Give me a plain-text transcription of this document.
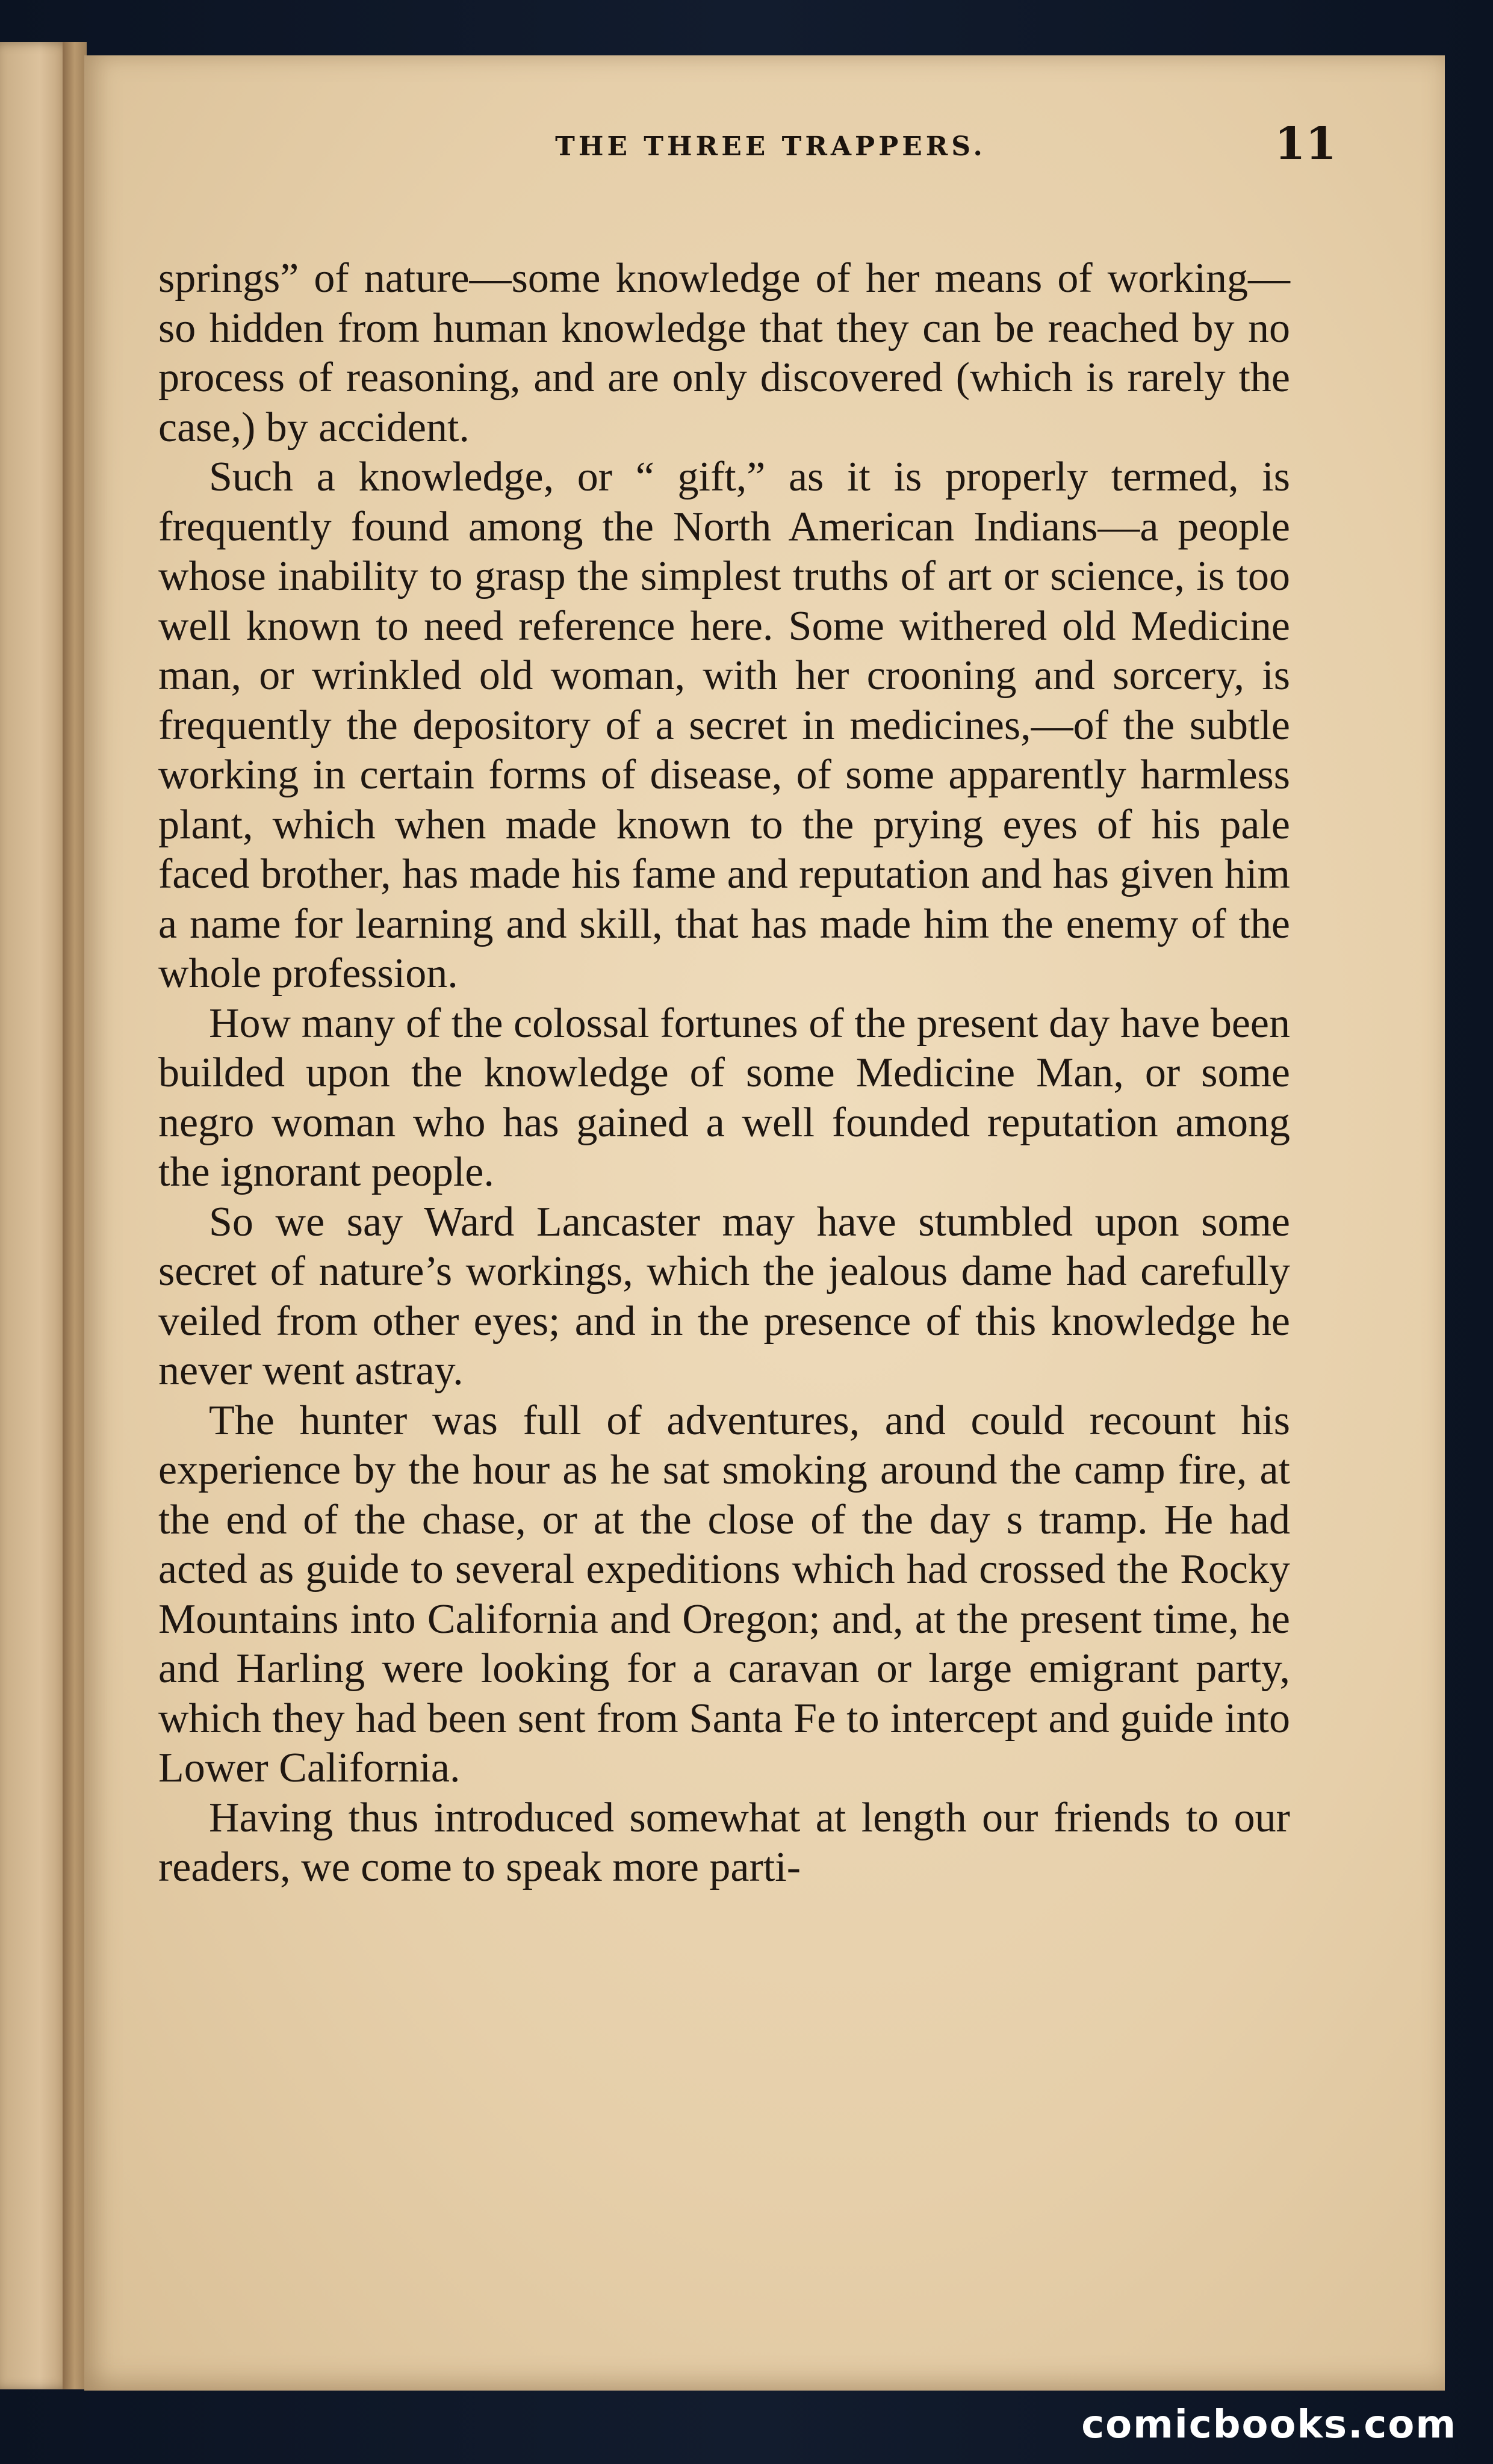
THE THREE TRAPPERS.	11

springs” of nature—some knowledge of her means of working—so hidden from human knowledge that they can be reached by no process of reasoning, and are only discovered (which is rarely the case,) by accident.

Such a knowledge, or “ gift,” as it is properly termed, is frequently found among the North American Indians—a people whose inability to grasp the simplest truths of art or science, is too well known to need reference here. Some withered old Medicine man, or wrinkled old woman, with her crooning and sorcery, is frequently the depository of a secret in medicines,—of the subtle working in certain forms of disease, of some apparently harmless plant, which when made known to the prying eyes of his pale faced brother, has made his fame and reputation and has given him a name for learning and skill, that has made him the enemy of the whole profession.

How many of the colossal fortunes of the present day have been builded upon the knowledge of some Medicine Man, or some negro woman who has gained a well founded reputation among the ignorant people.

So we say Ward Lancaster may have stumbled upon some secret of nature’s workings, which the jealous dame had carefully veiled from other eyes; and in the presence of this knowledge he never went astray.

The hunter was full of adventures, and could recount his experience by the hour as he sat smoking around the camp fire, at the end of the chase, or at the close of the day s tramp. He had acted as guide to several expeditions which had crossed the Rocky Mountains into California and Oregon; and, at the present time, he and Harling were looking for a caravan or large emigrant party, which they had been sent from Santa Fe to intercept and guide into Lower California.

Having thus introduced somewhat at length our friends to our readers, we come to speak more parti-

comicbooks.com
